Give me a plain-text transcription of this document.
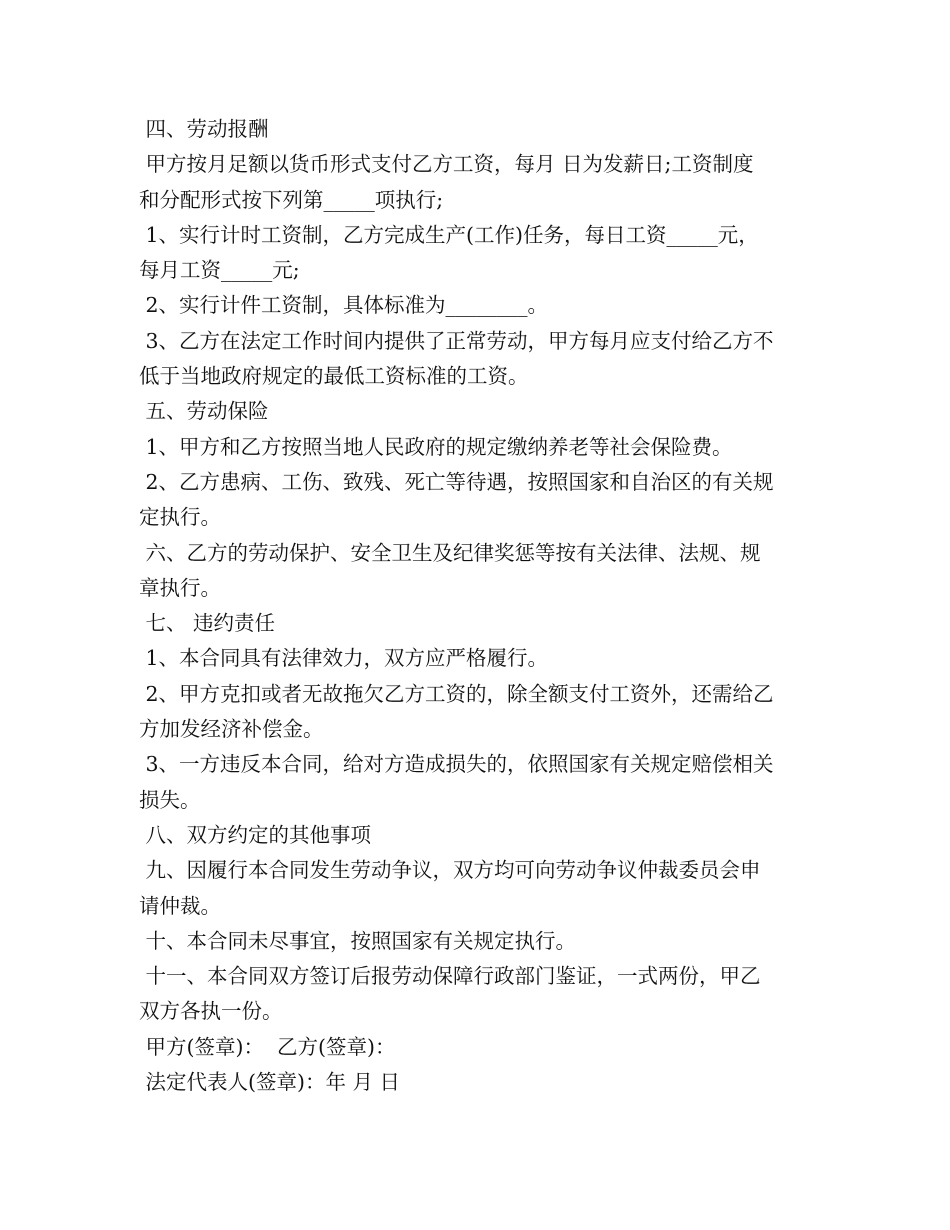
四、劳动报酬
甲方按月足额以货币形式支付乙方工资，每月 日为发薪日;工资制度
和分配形式按下列第_____项执行;
1、实行计时工资制，乙方完成生产(工作)任务，每日工资_____元，
每月工资_____元;
2、实行计件工资制，具体标准为________。
3、乙方在法定工作时间内提供了正常劳动，甲方每月应支付给乙方不
低于当地政府规定的最低工资标准的工资。
五、劳动保险
1、甲方和乙方按照当地人民政府的规定缴纳养老等社会保险费。
2、乙方患病、工伤、致残、死亡等待遇，按照国家和自治区的有关规
定执行。
六、乙方的劳动保护、安全卫生及纪律奖惩等按有关法律、法规、规
章执行。
七、 违约责任
1、本合同具有法律效力，双方应严格履行。
2、甲方克扣或者无故拖欠乙方工资的，除全额支付工资外，还需给乙
方加发经济补偿金。
3、一方违反本合同，给对方造成损失的，依照国家有关规定赔偿相关
损失。
八、双方约定的其他事项
九、因履行本合同发生劳动争议，双方均可向劳动争议仲裁委员会申
请仲裁。
十、本合同未尽事宜，按照国家有关规定执行。
十一、本合同双方签订后报劳动保障行政部门鉴证，一式两份，甲乙
双方各执一份。
甲方(签章)：  乙方(签章)：
法定代表人(签章)：年 月 日
